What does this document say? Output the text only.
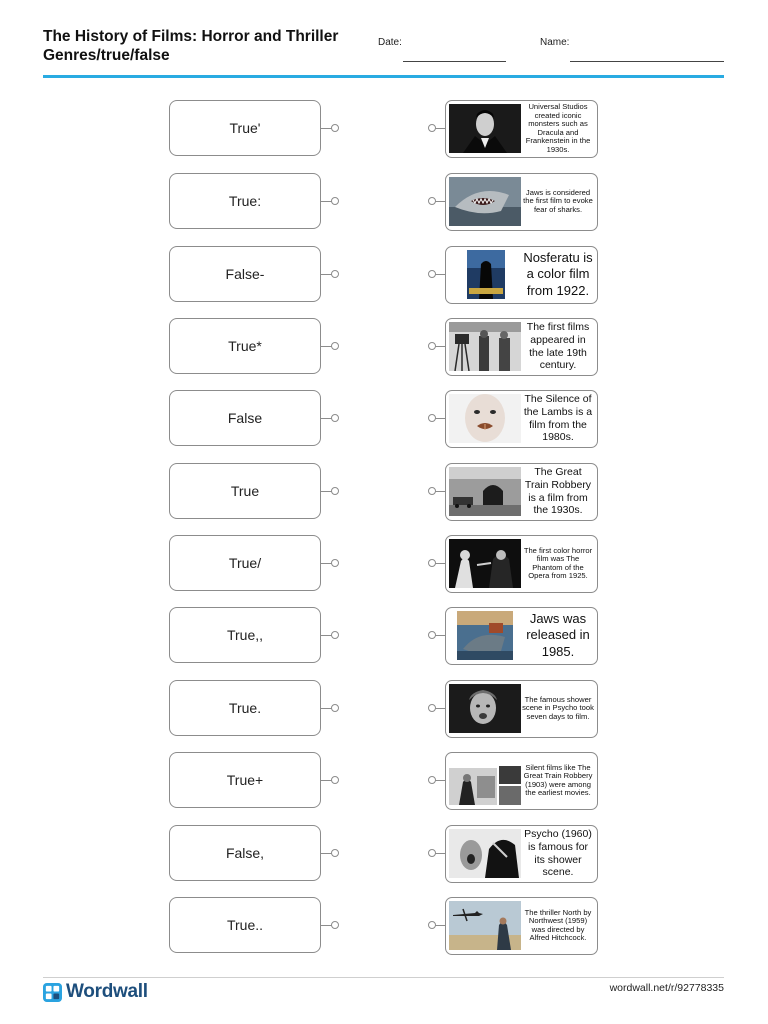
The History of Films: Horror and Thriller Genres/true/false
Date:	Name:
True'
Universal Studios created iconic monsters such as Dracula and Frankenstein in the 1930s.
True:
Jaws is considered the first film to evoke fear of sharks.
False-
Nosferatu is a color film from 1922.
True*
The first films appeared in the late 19th century.
False
The Silence of the Lambs is a film from the 1980s.
True
The Great Train Robbery is a film from the 1930s.
True/
The first color horror film was The Phantom of the Opera from 1925.
True,,
Jaws was released in 1985.
True.
The famous shower scene in Psycho took seven days to film.
True+
Silent films like The Great Train Robbery (1903) were among the earliest movies.
False,
Psycho (1960) is famous for its shower scene.
True..
The thriller North by Northwest (1959) was directed by Alfred Hitchcock.
Wordwall	wordwall.net/r/92778335
